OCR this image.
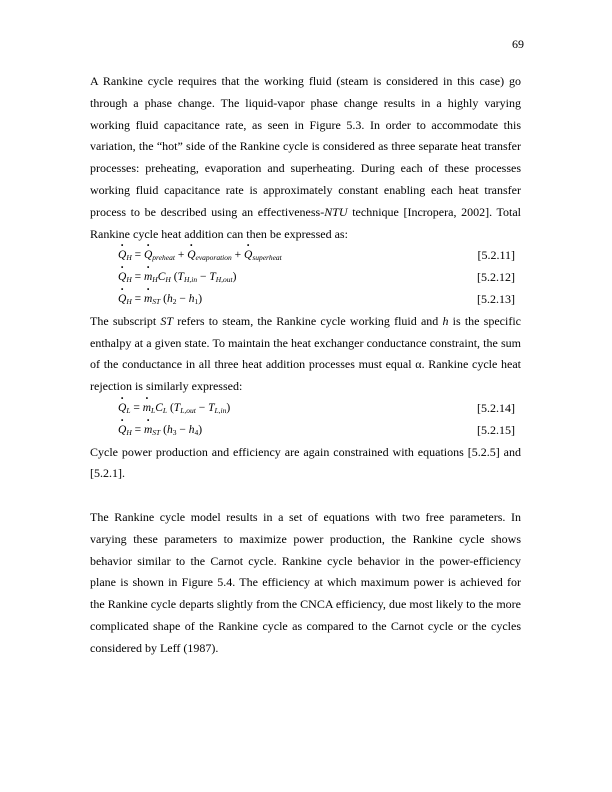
69

A Rankine cycle requires that the working fluid (steam is considered in this case) go through a phase change. The liquid-vapor phase change results in a highly varying working fluid capacitance rate, as seen in Figure 5.3. In order to accommodate this variation, the “hot” side of the Rankine cycle is considered as three separate heat transfer processes: preheating, evaporation and superheating. During each of these processes working fluid capacitance rate is approximately constant enabling each heat transfer process to be described using an effectiveness-NTU technique [Incropera, 2002]. Total Rankine cycle heat addition can then be expressed as:

· $Q_H$ = · $Q_{preheat}$ + · $Q_{evaporation}$ + · $Q_{superheat}$	[5.2.11]
· $Q_H$ = · $m_HC_H$ $(T_{H,in} - T_{H,out})$	[5.2.12]
· $Q_H$ = · $m_{ST}$ $(h_2 - h_1)$	[5.2.13]

The subscript ST refers to steam, the Rankine cycle working fluid and h is the specific enthalpy at a given state. To maintain the heat exchanger conductance constraint, the sum of the conductance in all three heat addition processes must equal α. Rankine cycle heat rejection is similarly expressed:

· $Q_L$ = · $m_LC_L$ $(T_{L,out} - T_{L,in})$	[5.2.14]
· $Q_H$ = · $m_{ST}$ $(h_3 - h_4)$	[5.2.15]

Cycle power production and efficiency are again constrained with equations [5.2.5] and [5.2.1].

The Rankine cycle model results in a set of equations with two free parameters. In varying these parameters to maximize power production, the Rankine cycle shows behavior similar to the Carnot cycle. Rankine cycle behavior in the power-efficiency plane is shown in Figure 5.4. The efficiency at which maximum power is achieved for the Rankine cycle departs slightly from the CNCA efficiency, due most likely to the more complicated shape of the Rankine cycle as compared to the Carnot cycle or the cycles considered by Leff (1987).
